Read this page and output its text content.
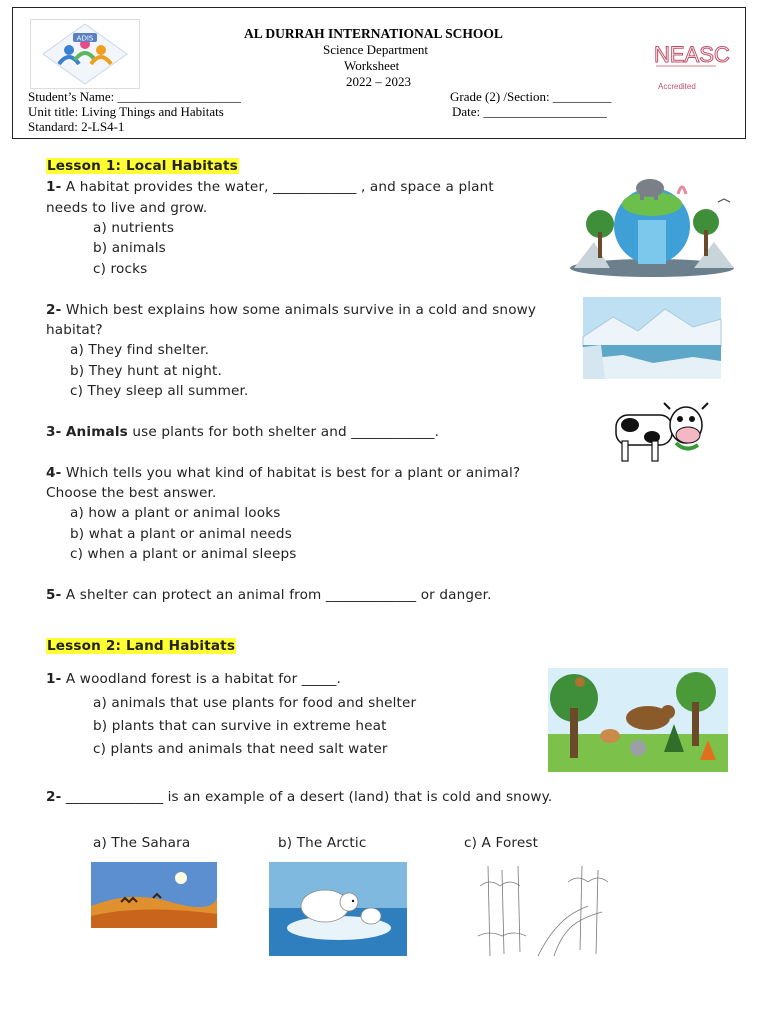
ADIS	AL DURRAH INTERNATIONAL SCHOOL
Science Department
Worksheet
2022 – 2023
Student’s Name: ___________________	Grade (2) /Section: _________
Unit title: Living Things and Habitats	Date: ___________________
Standard: 2-LS4-1
NEASC
Accredited
Lesson 1: Local Habitats
1- A habitat provides the water, ____________ , and space a plant
needs to live and grow.
a) nutrients
b) animals
c) rocks
2- Which best explains how some animals survive in a cold and snowy
habitat?
a) They find shelter.
b) They hunt at night.
c) They sleep all summer.
3- Animals use plants for both shelter and ____________.
4- Which tells you what kind of habitat is best for a plant or animal?
Choose the best answer.
a) how a plant or animal looks
b) what a plant or animal needs
c) when a plant or animal sleeps
5- A shelter can protect an animal from _____________ or danger.
Lesson 2: Land Habitats
1- A woodland forest is a habitat for _____.
a) animals that use plants for food and shelter
b) plants that can survive in extreme heat
c) plants and animals that need salt water
2- ______________ is an example of a desert (land) that is cold and snowy.
a) The Sahara	b) The Arctic	c) A Forest
